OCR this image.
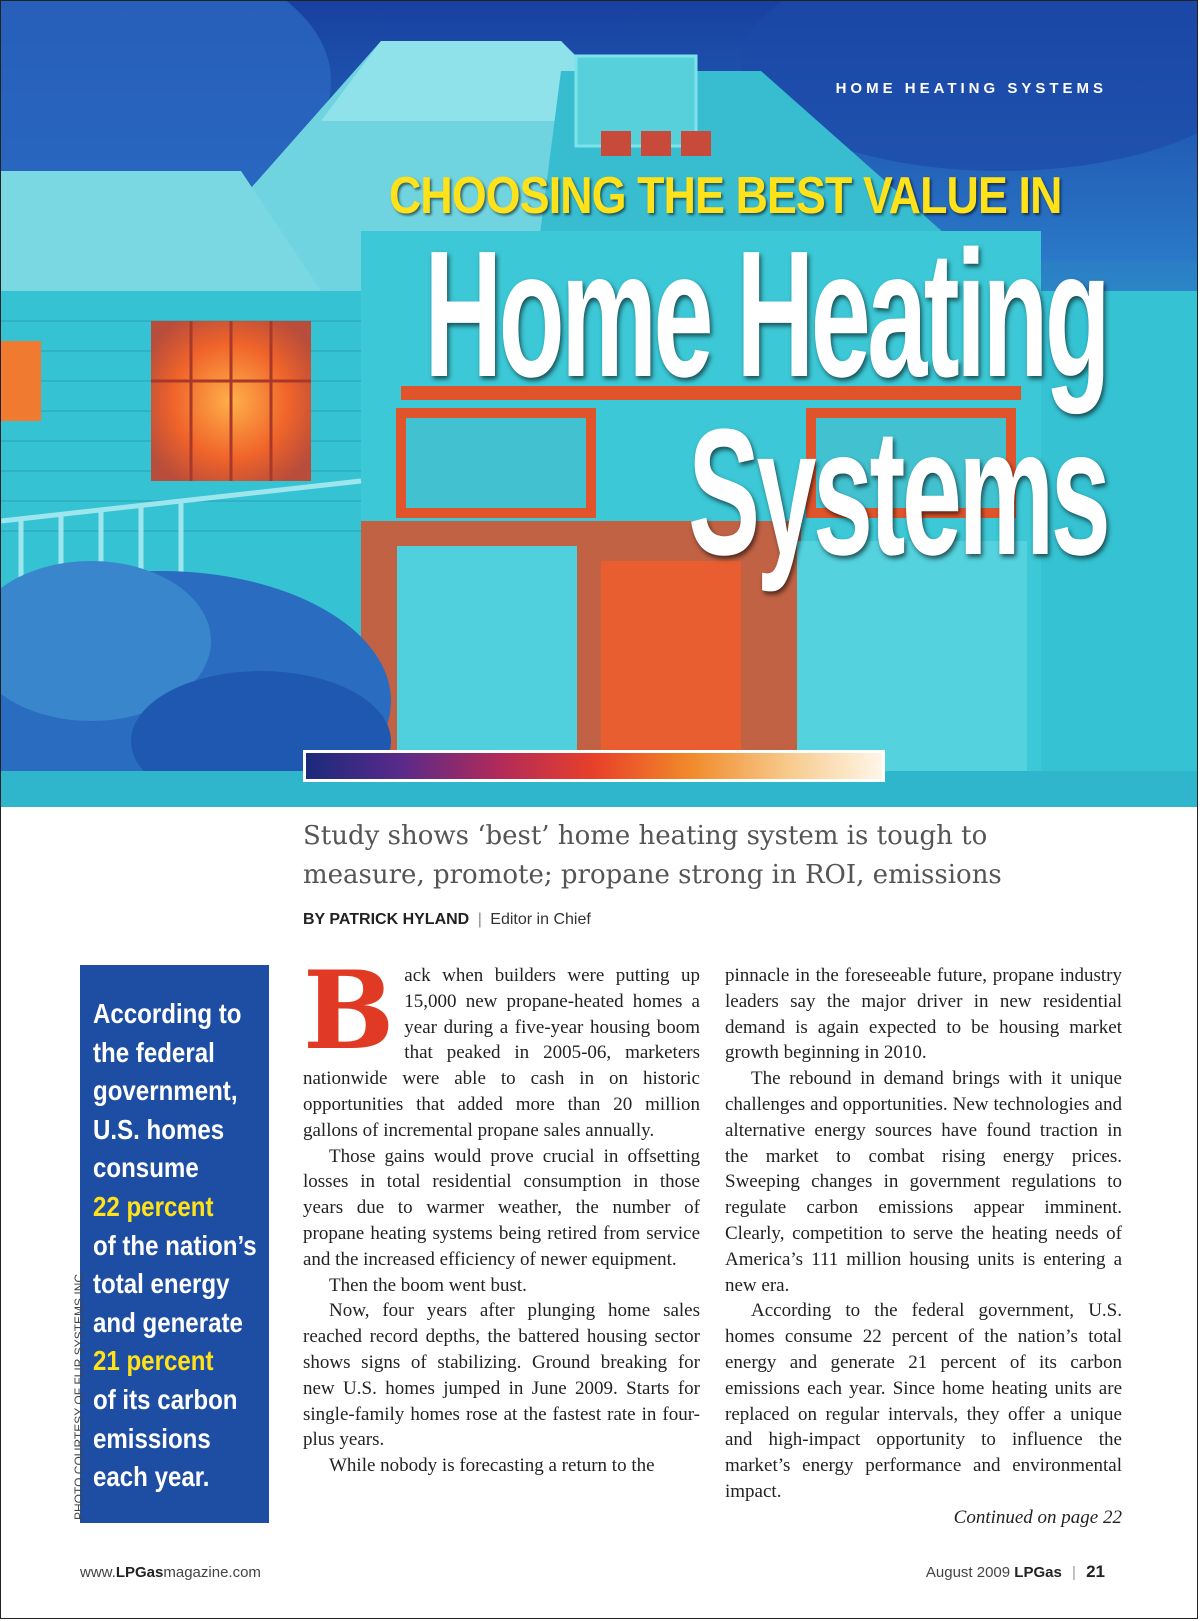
HOME HEATING SYSTEMS
CHOOSING THE BEST VALUE IN
Home Heating
Systems
Study shows ‘best’ home heating system is tough to measure, promote; propane strong in ROI, emissions
BY PATRICK HYLAND | Editor in Chief
According to
the federal
government,
U.S. homes
consume
22 percent
of the nation’s
total energy
and generate
21 percent
of its carbon
emissions
each year.
PHOTO COURTESY OF FLIR SYSTEMS INC.

Back when builders were putting up 15,000 new propane-heated homes a year during a five-year housing boom that peaked in 2005-06, marketers nationwide were able to cash in on historic opportunities that added more than 20 million gallons of incremental propane sales annually.

Those gains would prove crucial in offsetting losses in total residential consumption in those years due to warmer weather, the number of propane heating systems being retired from service and the increased efficiency of newer equipment.

Then the boom went bust.

Now, four years after plunging home sales reached record depths, the battered housing sector shows signs of stabilizing. Ground breaking for new U.S. homes jumped in June 2009. Starts for single-family homes rose at the fastest rate in four-plus years.

While nobody is forecasting a return to the

pinnacle in the foreseeable future, propane industry leaders say the major driver in new residential demand is again expected to be housing market growth beginning in 2010.

The rebound in demand brings with it unique challenges and opportunities. New technologies and alternative energy sources have found traction in the market to combat rising energy prices. Sweeping changes in government regulations to regulate carbon emissions appear imminent. Clearly, competition to serve the heating needs of America’s 111 million housing units is entering a new era.

According to the federal government, U.S. homes consume 22 percent of the nation’s total energy and generate 21 percent of its carbon emissions each year. Since home heating units are replaced on regular intervals, they offer a unique and high-impact opportunity to influence the market’s energy performance and environmental impact.

Continued on page 22

www.LPGasmagazine.com	August 2009 LPGas | 21
